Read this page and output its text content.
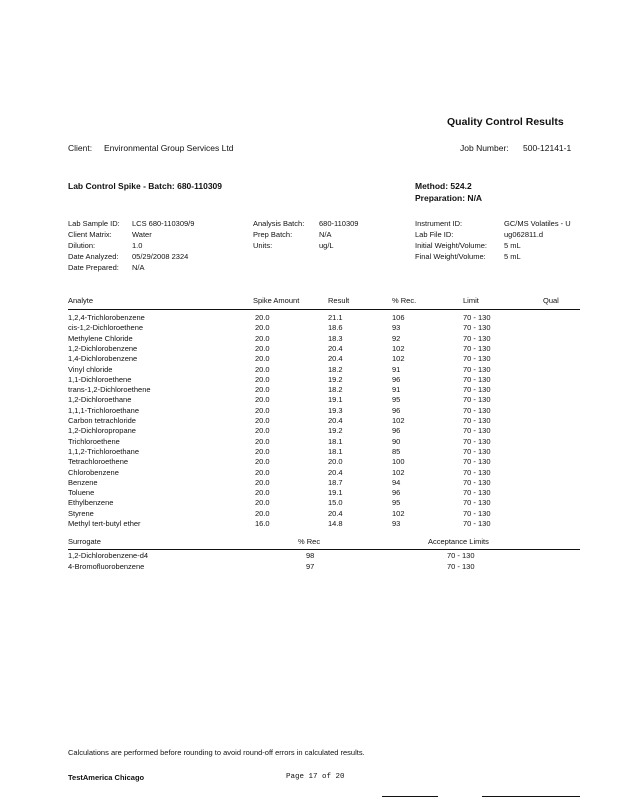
Quality Control Results
Client: Environmental Group Services Ltd	Job Number: 500-12141-1
Lab Control Spike - Batch: 680-110309	Method: 524.2
Preparation: N/A
Lab Sample ID: LCS 680-110309/9
Client Matrix:	Water
Dilution:	1.0
Date Analyzed: 05/29/2008 2324
Date Prepared: N/A
Analysis Batch: 680-110309
Prep Batch:	N/A
Units:	ug/L
Instrument ID:	GC/MS Volatiles - U
Lab File ID:	ug062811.d
Initial Weight/Volume: 5 mL
Final Weight/Volume: 5 mL
Analyte	Spike Amount	Result	% Rec.	Limit	Qual
1,2,4-Trichlorobenzene	20.0	21.1	106	70 - 130
cis-1,2-Dichloroethene	20.0	18.6	93	70 - 130
Methylene Chloride	20.0	18.3	92	70 - 130
1,2-Dichlorobenzene	20.0	20.4	102	70 - 130
1,4-Dichlorobenzene	20.0	20.4	102	70 - 130
Vinyl chloride	20.0	18.2	91	70 - 130
1,1-Dichloroethene	20.0	19.2	96	70 - 130
trans-1,2-Dichloroethene	20.0	18.2	91	70 - 130
1,2-Dichloroethane	20.0	19.1	95	70 - 130
1,1,1-Trichloroethane	20.0	19.3	96	70 - 130
Carbon tetrachloride	20.0	20.4	102	70 - 130
1,2-Dichloropropane	20.0	19.2	96	70 - 130
Trichloroethene	20.0	18.1	90	70 - 130
1,1,2-Trichloroethane	20.0	18.1	85	70 - 130
Tetrachloroethene	20.0	20.0	100	70 - 130
Chlorobenzene	20.0	20.4	102	70 - 130
Benzene	20.0	18.7	94	70 - 130
Toluene	20.0	19.1	96	70 - 130
Ethylbenzene	20.0	15.0	95	70 - 130
Styrene	20.0	20.4	102	70 - 130
Methyl tert-butyl ether	16.0	14.8	93	70 - 130
Surrogate	% Rec	Acceptance Limits
1,2-Dichlorobenzene-d4	98	70 - 130
4-Bromofluorobenzene	97	70 - 130
Calculations are performed before rounding to avoid round-off errors in calculated results.
TestAmerica Chicago	Page 17 of 20
